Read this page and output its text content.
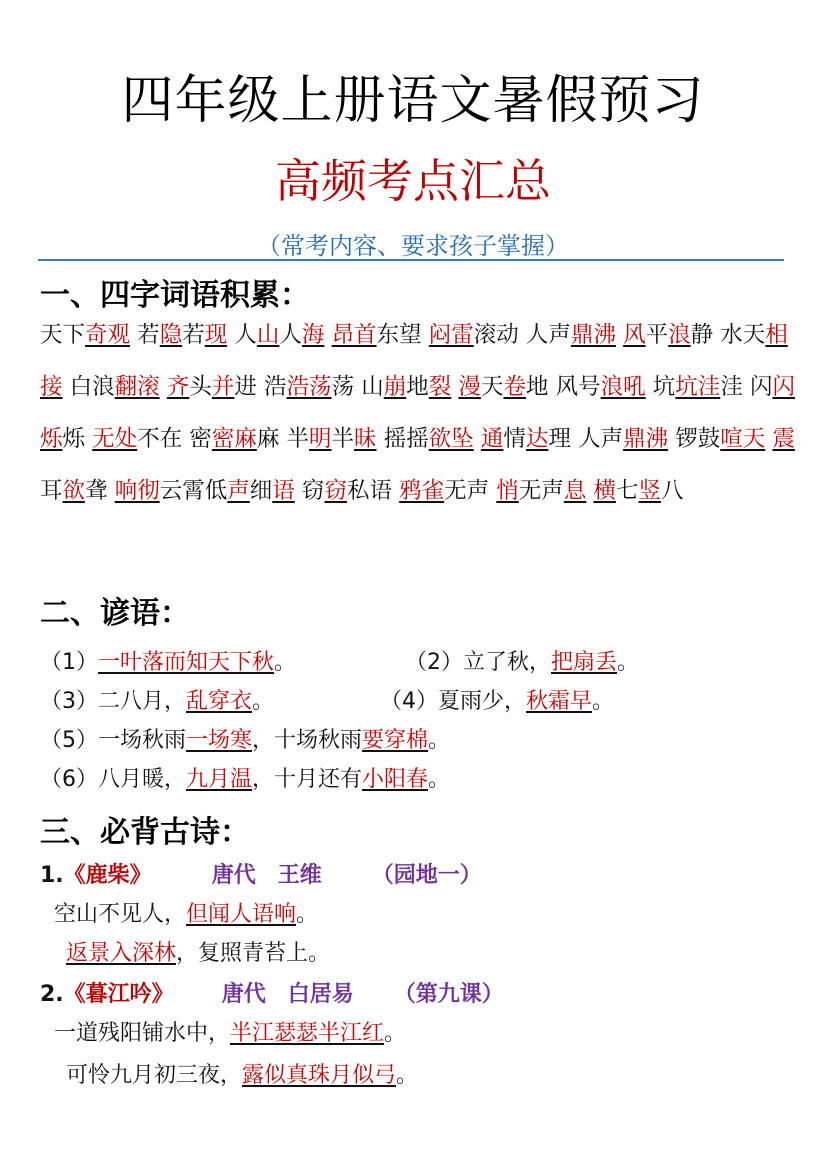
四年级上册语文暑假预习
高频考点汇总
（常考内容、要求孩子掌握）
一、四字词语积累：
天下奇观 若隐若现 人山人海 昂首东望 闷雷滚动 人声鼎沸 风平浪静 水天相接 白浪翻滚 齐头并进 浩浩荡荡 山崩地裂 漫天卷地 风号浪吼 坑坑洼洼 闪闪烁烁 无处不在 密密麻麻 半明半昧 摇摇欲坠 通情达理 人声鼎沸 锣鼓喧天 震耳欲聋 响彻云霄低声细语 窃窃私语 鸦雀无声 悄无声息 横七竖八
二、谚语：
（1）一叶落而知天下秋。	（2）立了秋，把扇丢。
（3）二八月，乱穿衣。	（4）夏雨少，秋霜早。
（5）一场秋雨一场寒，十场秋雨要穿棉。
（6）八月暖，九月温，十月还有小阳春。
三、必背古诗：
1.《鹿柴》	唐代 王维 （园地一）
空山不见人，但闻人语响。
返景入深林，复照青苔上。
2.《暮江吟》 唐代 白居易 （第九课）
一道残阳铺水中，半江瑟瑟半江红。
可怜九月初三夜，露似真珠月似弓。
